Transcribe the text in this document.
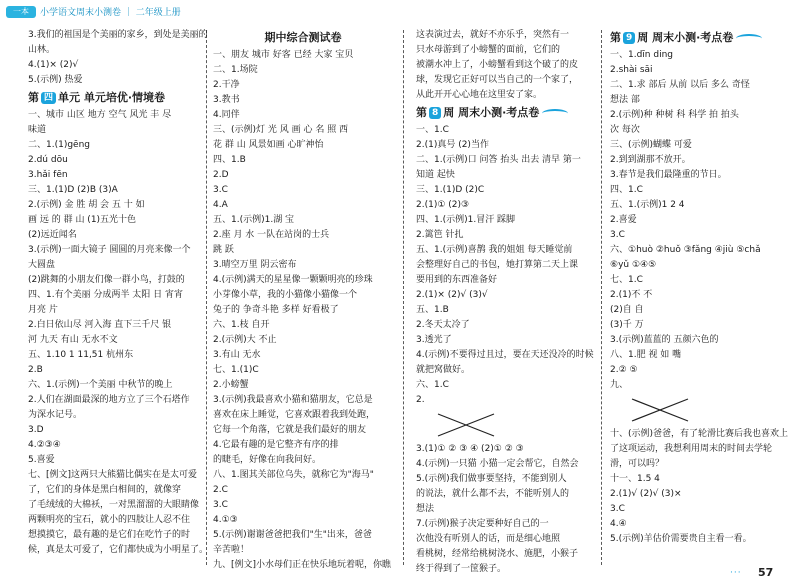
一本	小学语文周末小测卷 ｜ 二年级上册
3.我们的祖国是个美丽的家乡，到处是美丽的
山林。
4.(1)× (2)√
5.(示例) 热爱
第 四 单元 单元培优·情境卷
一、城市 山区 地方 空气 风光 丰 尽
味道
二、1.(1)gēng
2.dú dōu
3.hǎi fēn
三、1.(1)D (2)B (3)A
2.(示例) 金 胜 胡 会 五 十 如
画 远 的 群 山 (1)五光十色
(2)远近闻名
3.(示例)一面大镜子 圆圆的月亮来像一个
大圆盘
(2)跳舞的小朋友们像一群小鸟，打鼓的
四、1.有个美丽 分成两半 太阳 日 宵宵
月亮 片
2.白日依山尽 河入海 直下三千尺 银
河 九天 有山 无水不文
五、1.10 1 11,51 杭州东
2.B
六、1.(示例)一个美丽 中秋节的晚上
2.人们在湖面最深的地方立了三个石塔作
为深水记号。
3.D
4.②③④
5.喜爱
七、[例文]这两只大熊猫比偶实在是太可爱
了，它们的身体是黑白相间的，就像穿
了毛绒绒的大棉袄，一对黑溜溜的大眼睛像
两颗明亮的宝石，就小的四肢让人忍不住
想摸摸它，最有趣的是它们在吃竹子的时
候，真是太可爱了，它们都快成为小明星了。
期中综合测试卷
一、朋友 城市 好客 已经 大家 宝贝
二、1.场院
2.干净
3.教书
4.同伴
三、(示例)灯 光 风 画 心 名 照 西
花 群 山 风景如画 心旷神怡
四、1.B
2.D
3.C
4.A
五、1.(示例)1.湖 宝
2.座 月 水 一队在站岗的士兵
跳 跃
3.晴空万里 阴云密布
4.(示例)满天的星星像一颗颗明亮的珍珠
小芽像小草，我的小猫像小猫像一个
兔子的 争奇斗艳 多样 好看极了
六、1.枝 自开
2.(示例)大 不止
3.有山 无水
七、1.(1)C
2.小螃蟹
3.(示例)我最喜欢小猫和猫朋友，它总是
喜欢在床上睡觉，它喜欢跟着我到处跑，
它每一个角落，它就是我们最好的朋友
4.它最有趣的是它整齐有序的排
的睫毛，好像在向我问好。
八、1.图其关部位乌失，就称它为"海马"
2.C
3.C
4.①③
5.(示例)谢谢爸爸把我们"生"出来，爸爸
辛苦啦！
九、[例文]小水母们正在快乐地玩着呢，你瞧
这表演过去，就好不亦乐乎，突然有一
只水母游到了小螃蟹的面前，它们的
被潮水冲上了，小螃蟹看到这个破了的皮
球，发现它正好可以当自己的一个家了，
从此开开心心地在这里安了家。
第 8 周 周末小测·考点卷
一、1.C
2.(1)真号 (2)当作
二、1.(示例)口 问答 抬头 出去 清早 第一
知道 起快
三、1.(1)D (2)C
2.(1)① (2)③
四、1.(示例)1.冒汗 踩脚
2.篱笆 针扎
五、1.(示例)喜鹊 我的姐姐 每天睡觉前
会整理好自己的书包，她打算第二天上课
要用到的东西准备好
2.(1)× (2)√ (3)√
五、1.B
2.冬天太冷了
3.透光了
4.(示例)不要得过且过，要在天还没冷的时候
就把窝做好。
六、1.C
2.
3.(1)① ② ③ ④ (2)① ② ③
4.(示例)一只猫 小猫一定会帮它，自然会
5.(示例)我们做事要坚持，不能到别人
的说法，就什么都不去，不能听别人的
想法
7.(示例)猴子决定要种好自己的一
次他没有听别人的话，而是细心地照
看桃树，经常给桃树浇水、施肥，小猴子
终于得到了一筐猴子。
第 9 周 周末小测·考点卷
一、1.dīn ding
2.shài sāi
二、1.求 部后 从前 以后 多么 奇怪
想法 部
2.(示例)种 种树 科 科学 拍 拍头
次 每次
三、(示例)蝴蝶 可爱
2.到到湖那不放开。
3.春节是我们最隆重的节日。
四、1.C
五、1.(示例)1 2 4
2.喜爱
3.C
六、①huò ②huǒ ③fǎng ④jiù ⑤chǎ
⑥yǔ ①④⑤
七、1.C
2.(1)不 不
(2)自 自
(3)千 万
3.(示例)蓝蓝的 五颜六色的
八、1.肥 视 如 嘴
2.② ⑤
九、
十、(示例)爸爸，有了轮滑比赛后我也喜欢上
了这项运动，我想利用周末的时间去学轮
滑，可以吗？
十一、1.5 4
2.(1)√ (2)√ (3)×
3.C
4.④
5.(示例)羊估价需要贵自主看一看。
··· 57
